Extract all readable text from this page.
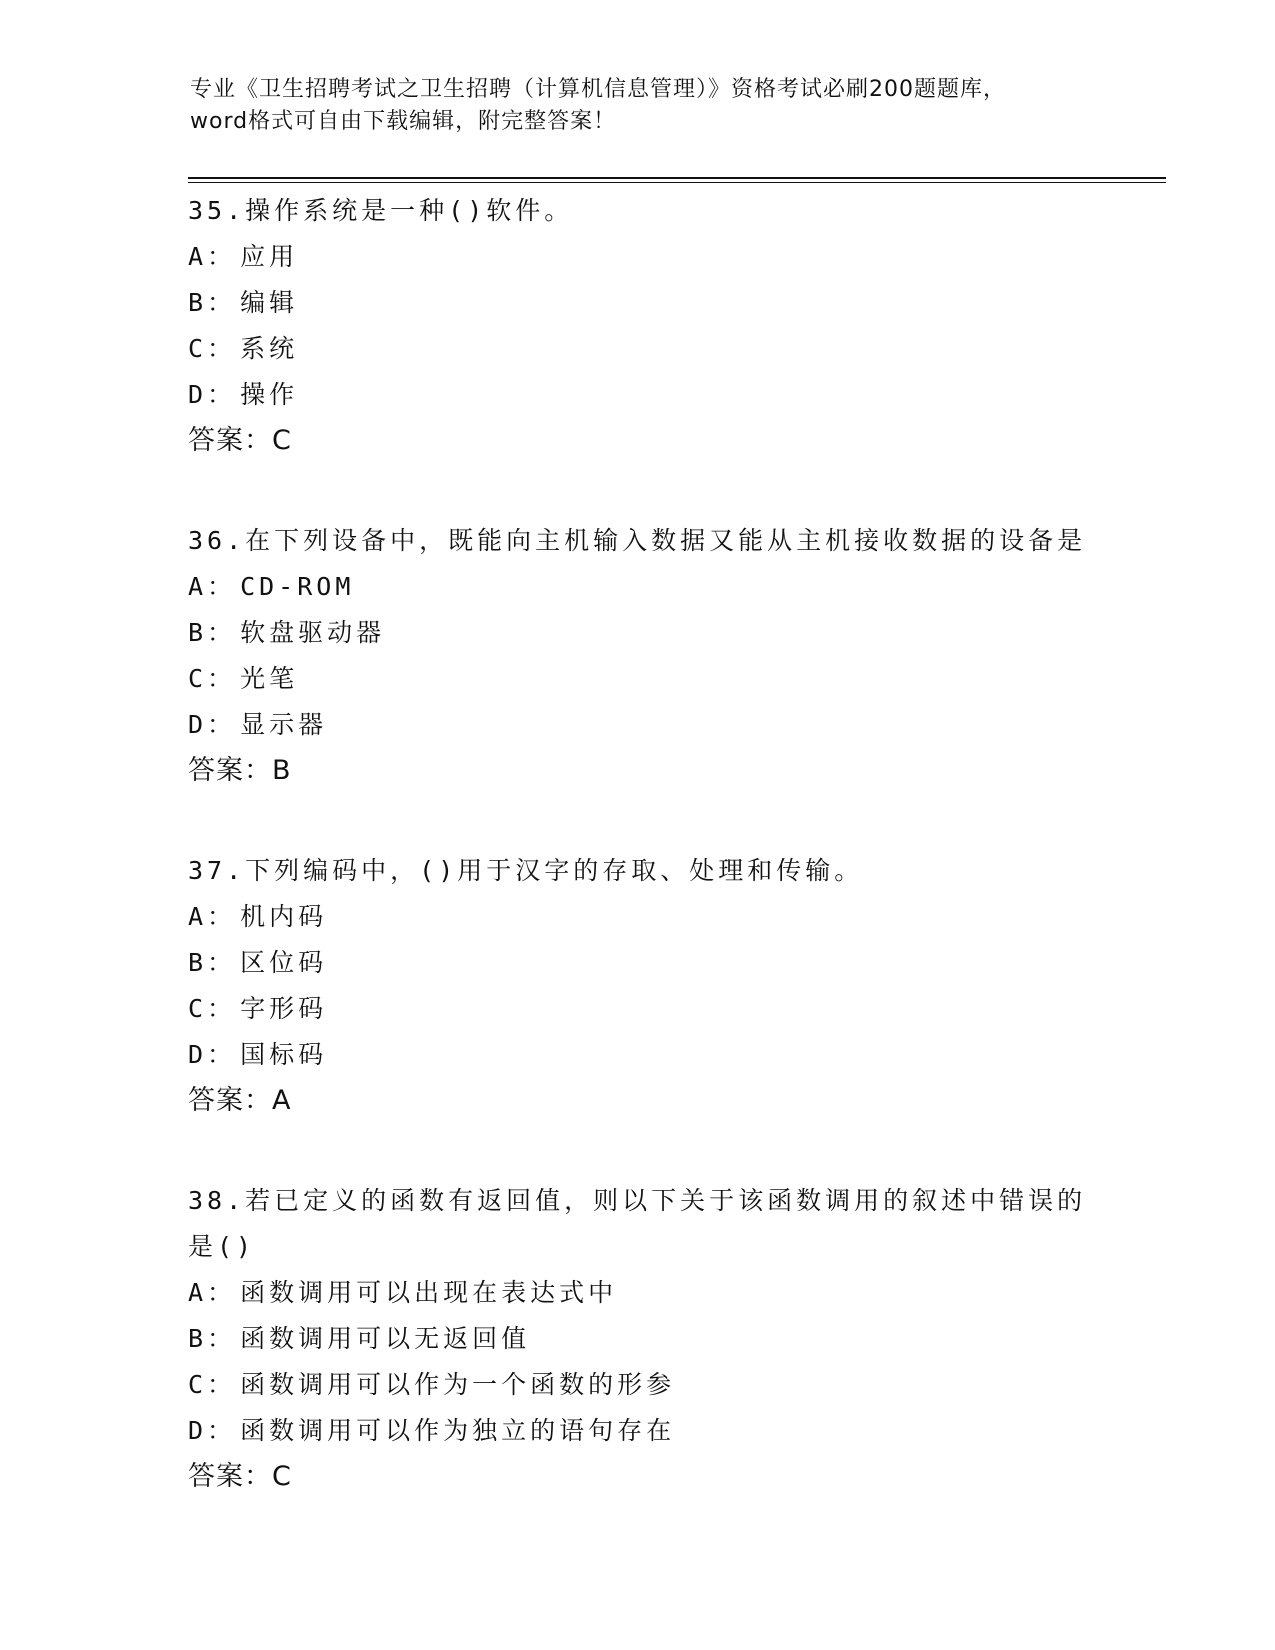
专业《卫生招聘考试之卫生招聘（计算机信息管理）》资格考试必刷200题题库，
word格式可自由下载编辑，附完整答案！
35.操作系统是一种()软件。
A： 应用
B： 编辑
C： 系统
D： 操作
答案：C
36.在下列设备中，既能向主机输入数据又能从主机接收数据的设备是
A： CD-ROM
B： 软盘驱动器
C： 光笔
D： 显示器
答案：B
37.下列编码中，()用于汉字的存取、处理和传输。
A： 机内码
B： 区位码
C： 字形码
D： 国标码
答案：A
38.若已定义的函数有返回值，则以下关于该函数调用的叙述中错误的是()
A： 函数调用可以出现在表达式中
B： 函数调用可以无返回值
C： 函数调用可以作为一个函数的形参
D： 函数调用可以作为独立的语句存在
答案：C
